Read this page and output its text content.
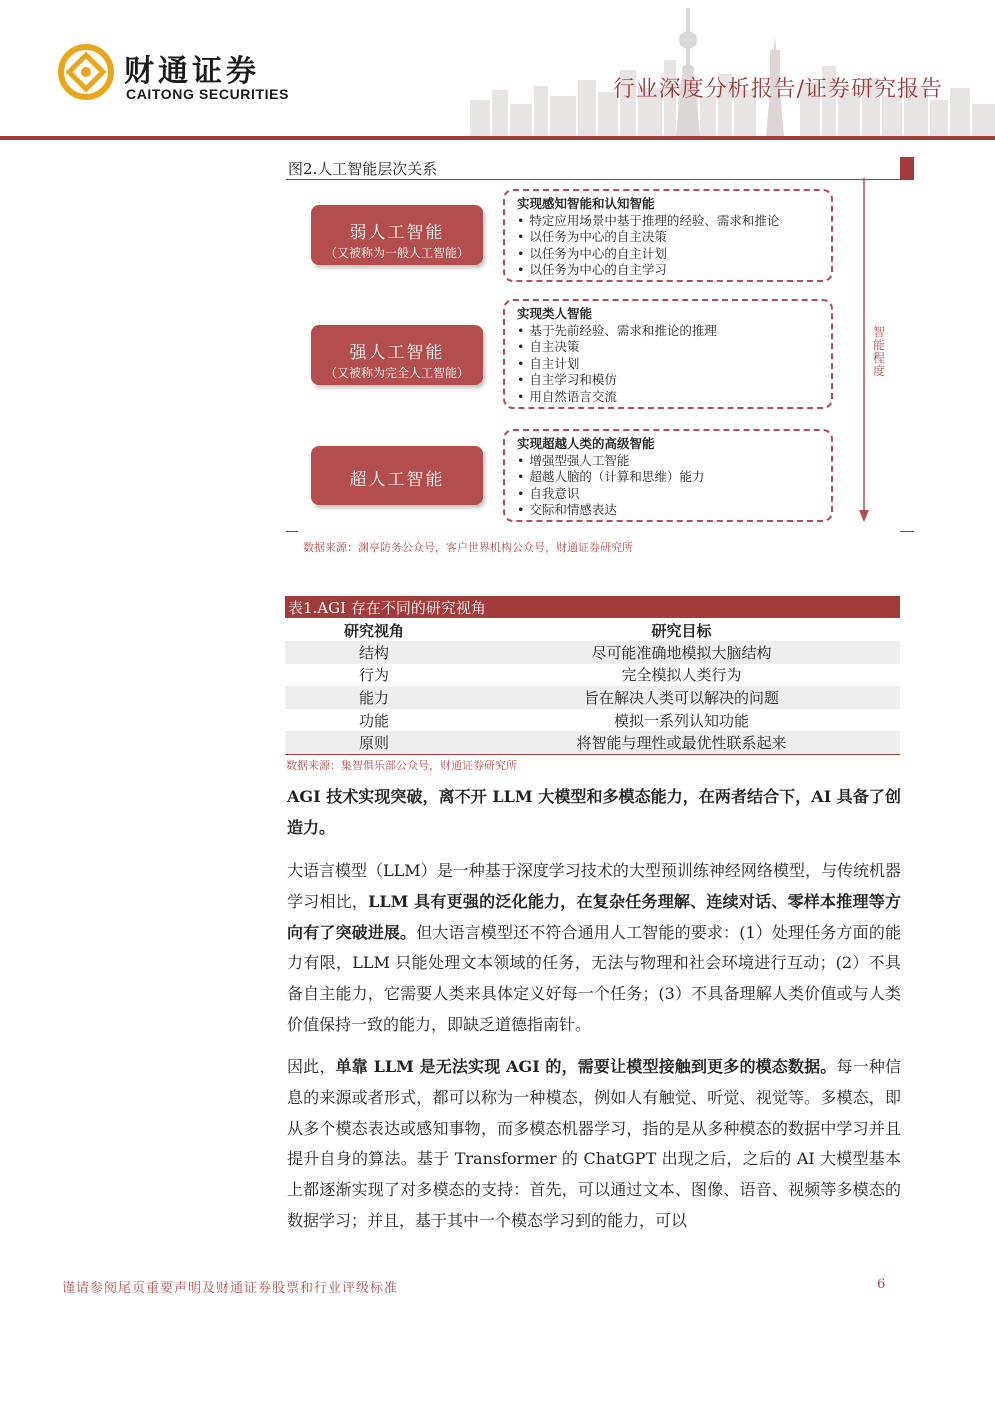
财通证券
CAITONG SECURITIES	行业深度分析报告/证券研究报告
图2.人工智能层次关系
弱人工智能
（又被称为一般人工智能）
强人工智能
（又被称为完全人工智能）
超人工智能
实现感知智能和认知智能
• 特定应用场景中基于推理的经验、需求和推论
• 以任务为中心的自主决策
• 以任务为中心的自主计划
• 以任务为中心的自主学习
实现类人智能
• 基于先前经验、需求和推论的推理
• 自主决策
• 自主计划
• 自主学习和模仿
• 用自然语言交流
实现超越人类的高级智能
• 增强型强人工智能
• 超越人脑的（计算和思维）能力
• 自我意识
• 交际和情感表达
智能程度
数据来源：渊亭防务公众号，客户世界机构公众号，财通证券研究所
表1.AGI 存在不同的研究视角
研究视角	研究目标
结构	尽可能准确地模拟大脑结构
行为	完全模拟人类行为
能力	旨在解决人类可以解决的问题
功能	模拟一系列认知功能
原则	将智能与理性或最优性联系起来
数据来源：集智俱乐部公众号，财通证券研究所
AGI 技术实现突破，离不开 LLM 大模型和多模态能力，在两者结合下，AI 具备了创造力。
大语言模型（LLM）是一种基于深度学习技术的大型预训练神经网络模型，与传统机器学习相比，LLM 具有更强的泛化能力，在复杂任务理解、连续对话、零样本推理等方向有了突破进展。但大语言模型还不符合通用人工智能的要求：(1）处理任务方面的能力有限，LLM 只能处理文本领域的任务，无法与物理和社会环境进行互动；(2）不具备自主能力，它需要人类来具体定义好每一个任务；(3）不具备理解人类价值或与人类价值保持一致的能力，即缺乏道德指南针。
因此，单靠 LLM 是无法实现 AGI 的，需要让模型接触到更多的模态数据。每一种信息的来源或者形式，都可以称为一种模态，例如人有触觉、听觉、视觉等。多模态，即从多个模态表达或感知事物，而多模态机器学习，指的是从多种模态的数据中学习并且提升自身的算法。基于 Transformer 的 ChatGPT 出现之后，之后的 AI 大模型基本上都逐渐实现了对多模态的支持：首先，可以通过文本、图像、语音、视频等多模态的数据学习；并且，基于其中一个模态学习到的能力，可以
谨请参阅尾页重要声明及财通证券股票和行业评级标准	6
